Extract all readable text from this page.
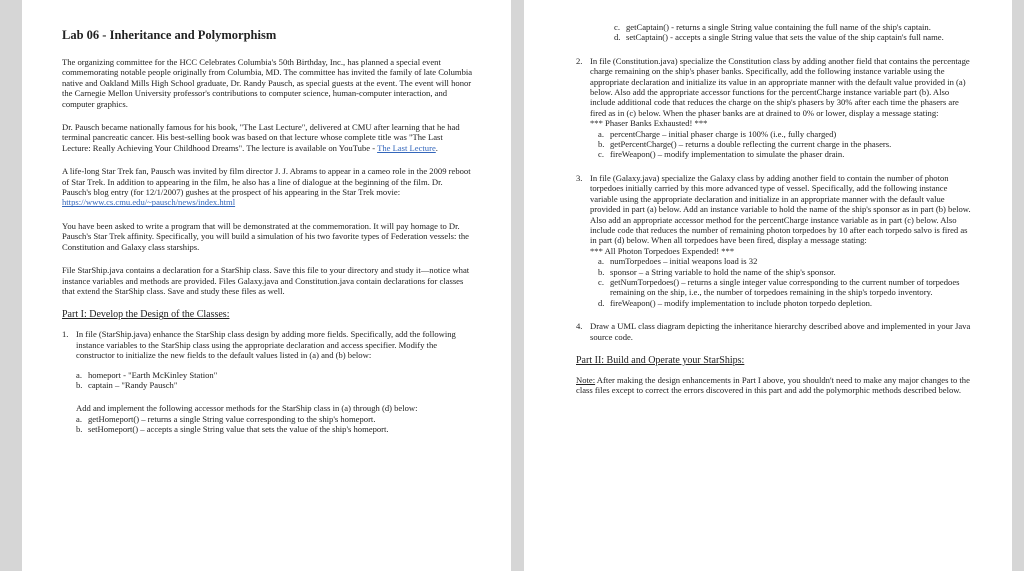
Lab 06 - Inheritance and Polymorphism

The organizing committee for the HCC Celebrates Columbia's 50th Birthday, Inc., has planned a special event commemorating notable people originally from Columbia, MD. The committee has invited the family of late Columbia native and Oakland Mills High School graduate, Dr. Randy Pausch, as special guests at the event. The event will honor the Carnegie Mellon University professor's contributions to computer science, human-computer interaction, and computer graphics.

Dr. Pausch became nationally famous for his book, "The Last Lecture", delivered at CMU after learning that he had terminal pancreatic cancer. His best-selling book was based on that lecture whose complete title was "The Last Lecture: Really Achieving Your Childhood Dreams". The lecture is available on YouTube - The Last Lecture.

A life-long Star Trek fan, Pausch was invited by film director J. J. Abrams to appear in a cameo role in the 2009 reboot of Star Trek. In addition to appearing in the film, he also has a line of dialogue at the beginning of the film. Dr. Pausch's blog entry (for 12/1/2007) gushes at the prospect of his appearing in the Star Trek movie:
https://www.cs.cmu.edu/~pausch/news/index.html

You have been asked to write a program that will be demonstrated at the commemoration. It will pay homage to Dr. Pausch's Star Trek affinity. Specifically, you will build a simulation of his two favorite types of Federation vessels: the Constitution and Galaxy class starships.

File StarShip.java contains a declaration for a StarShip class. Save this file to your directory and study it—notice what instance variables and methods are provided. Files Galaxy.java and Constitution.java contain declarations for classes that extend the StarShip class. Save and study these files as well.

Part I: Develop the Design of the Classes:

1. In file (StarShip.java) enhance the StarShip class design by adding more fields. Specifically, add the following instance variables to the StarShip class using the appropriate declaration and access specifier. Modify the constructor to initialize the new fields to the default values listed in (a) and (b) below:

a. homeport - "Earth McKinley Station"
b. captain – "Randy Pausch"

Add and implement the following accessor methods for the StarShip class in (a) through (d) below:

a. getHomeport() – returns a single String value corresponding to the ship's homeport.
b. setHomeport() – accepts a single String value that sets the value of the ship's homeport.
c. getCaptain() - returns a single String value containing the full name of the ship's captain.
d. setCaptain() - accepts a single String value that sets the value of the ship captain's full name.
2. In file (Constitution.java) specialize the Constitution class by adding another field that contains the percentage charge remaining on the ship's phaser banks. Specifically, add the following instance variable using the appropriate declaration and initialize its value in an appropriate manner with the default value provided in (a) below. Also add the appropriate accessor functions for the percentCharge instance variable part (b). Also include additional code that reduces the charge on the ship's phasers by 30% after each time the phasers are fired as in (c) below. When the phaser banks are at drained to 0% or lower, display a message stating:

*** Phaser Banks Exhausted! ***

a. percentCharge – initial phaser charge is 100% (i.e., fully charged)
b. getPercentCharge() – returns a double reflecting the current charge in the phasers.
c. fireWeapon() – modify implementation to simulate the phaser drain.
3. In file (Galaxy.java) specialize the Galaxy class by adding another field to contain the number of photon torpedoes initially carried by this more advanced type of vessel. Specifically, add the following instance variable using the appropriate declaration and initialize in an appropriate manner with the default value provided in part (a) below. Add an instance variable to hold the name of the ship's sponsor as in part (b) below. Also add an appropriate accessor method for the percentCharge instance variable as in part (c) below. Also include code that reduces the number of remaining photon torpedoes by 10 after each torpedo salvo is fired as in part (d) below. When all torpedoes have been fired, display a message stating:

*** All Photon Torpedoes Expended! ***

a. numTorpedoes – initial weapons load is 32
b. sponsor – a String variable to hold the name of the ship's sponsor.
c. getNumTorpedoes() – returns a single integer value corresponding to the current number of torpedoes remaining on the ship, i.e., the number of torpedoes remaining in the ship's torpedo inventory.
d. fireWeapon() – modify implementation to include photon torpedo depletion.
4. Draw a UML class diagram depicting the inheritance hierarchy described above and implemented in your Java source code.

Part II: Build and Operate your StarShips:

Note: After making the design enhancements in Part I above, you shouldn't need to make any major changes to the class files except to correct the errors discovered in this part and add the polymorphic methods described below.
